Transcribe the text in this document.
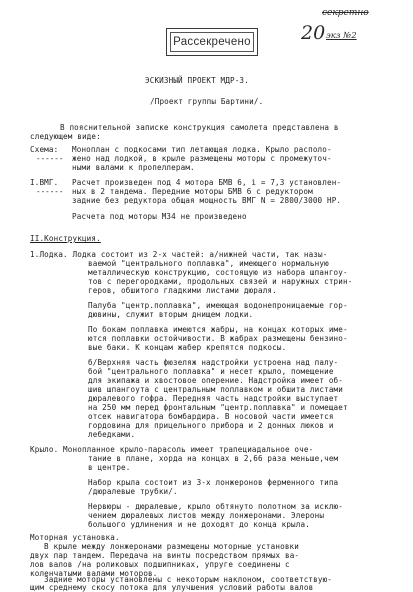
секретно
20 экз №2
Рассекречено
ЭСКИЗНЫЙ ПРОЕКТ МДР-3.
/Проект группы Бартини/.
В пояснительной записке конструкция самолета представлена в
следующем виде:
Схема: Моноплан с подкосами тип летающая лодка. Крыло располо-
------ жено над лодкой, в крыле размещены моторы с промежуточ-
ными валами к пропеллерам.
I.ВМГ. Расчет произведен под 4 мотора БМВ 6, i = 7,3 установлен-
------ ных в 2 тандема. Передние моторы БМВ 6 с редуктором
задние без редуктора общая мощность ВМГ N = 2800/3000 HP.
Расчета под моторы М34 не произведено
II.Конструкция.
1.Лодка. Лодка состоит из 2-х частей: а/нижней части, так назы-
ваемой "центрального поплавка", имеющего нормальную
металлическую конструкцию, состоящую из набора шпангоу-
тов с перегородками, продольных связей и наружных стрин-
геров, обшитого гладкими листами дюраля.
Палуба "центр.поплавка", имеющая водонепроницаемые гор-
дювины, служит вторым днищем лодки.
По бокам поплавка имеются жабры, на концах которых име-
ются поплавки остойчивости. В жабрах размещены бензино-
вые баки. К концам жабер крепятся подкосы.
б/Верхняя часть фюзеляж надстройки устроена над палу-
бой "центрального поплавка" и несет крыло, помещение
для экипажа и хвостовое оперение. Надстройка имеет об-
шив шпангоута с центральным поплавком и обшита листами
дюралевого гофра. Передняя часть надстройки выступает
на 250 мм перед фронтальным "центр.поплавка" и помещает
отсек навигатора бомбардира. В носовой части имеется
гордовина для прицельного прибора и 2 донных люков и
лебедками.
Крыло. Монопланное крыло-парасоль имеет трапециадальное оче-
тание в плане, хорда на концах в 2,66 раза меньше,чем
в центре.
Набор крыла состоит из 3-х лонжеронов ферменного типа
/дюралевые трубки/.
Нервюры - дюралевые, крыло обтянуто полотном за исклю-
чением дюралевых листов между лонжеронами. Элероны
большого удлинения и не доходят до конца крыла.
Моторная установка.
В крыле между лонжеронами размещены моторные установки
двух пар тандем. Передача на винты посредством прямых ва-
лов валов /на роликовых подшипниках, упруге соединены с
коленчатыми валами моторов.
Задние моторы установлены с некоторым наклоном, соответствую-
щим среднему скосу потока для улучшения условий работы валов
